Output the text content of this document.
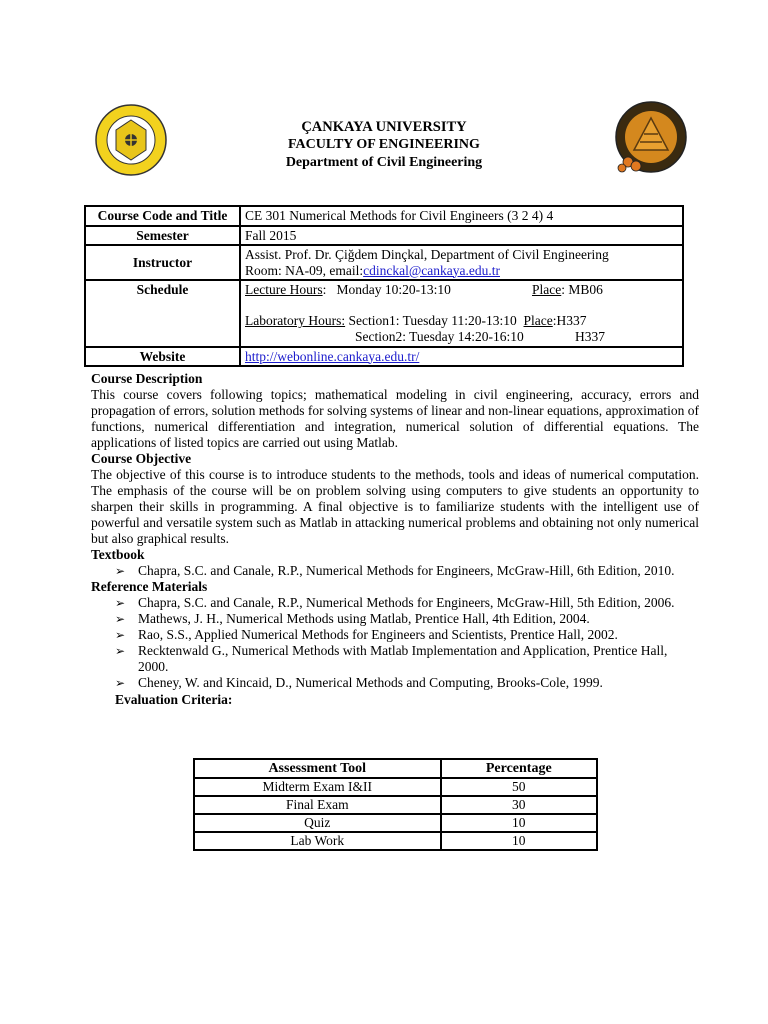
ÇANKAYA UNIVERSITY
FACULTY OF ENGINEERING
Department of Civil Engineering
Course Code and Title	CE 301 Numerical Methods for Civil Engineers (3 2 4) 4
Semester	Fall 2015
Instructor	Assist. Prof. Dr. Çiğdem Dinçkal, Department of Civil Engineering
Room: NA-09, email:cdinckal@cankaya.edu.tr

Schedule	Lecture Hours:   Monday 10:20-13:10 Place: MB06
Laboratory Hours: Section1: Tuesday 11:20-13:10  Place:H337
Section2: Tuesday 14:20-16:10 H337

Website	http://webonline.cankaya.edu.tr/
Course Description

This course covers following topics; mathematical modeling in civil engineering, accuracy, errors and propagation of errors, solution methods for solving systems of linear and non-linear equations, approximation of functions, numerical differentiation and integration, numerical solution of differential equations. The applications of listed topics are carried out using Matlab.

Course Objective

The objective of this course is to introduce students to the methods, tools and ideas of numerical computation. The emphasis of the course will be on problem solving using computers to give students an opportunity to sharpen their skills in programming. A final objective is to familiarize students with the intelligent use of powerful and versatile system such as Matlab in attacking numerical problems and obtaining not only numerical but also graphical results.

Textbook
➢ Chapra, S.C. and Canale, R.P., Numerical Methods for Engineers, McGraw-Hill, 6th Edition, 2010.
Reference Materials
➢ Chapra, S.C. and Canale, R.P., Numerical Methods for Engineers, McGraw-Hill, 5th Edition, 2006.
➢ Mathews, J. H., Numerical Methods using Matlab, Prentice Hall, 4th Edition, 2004.
➢ Rao, S.S., Applied Numerical Methods for Engineers and Scientists, Prentice Hall, 2002.
➢ Recktenwald G., Numerical Methods with Matlab Implementation and Application, Prentice Hall, 2000.
➢ Cheney, W. and Kincaid, D., Numerical Methods and Computing, Brooks-Cole, 1999.
Evaluation Criteria:
Assessment Tool	Percentage
Midterm Exam I&II	50
Final Exam	30
Quiz	10
Lab Work	10
